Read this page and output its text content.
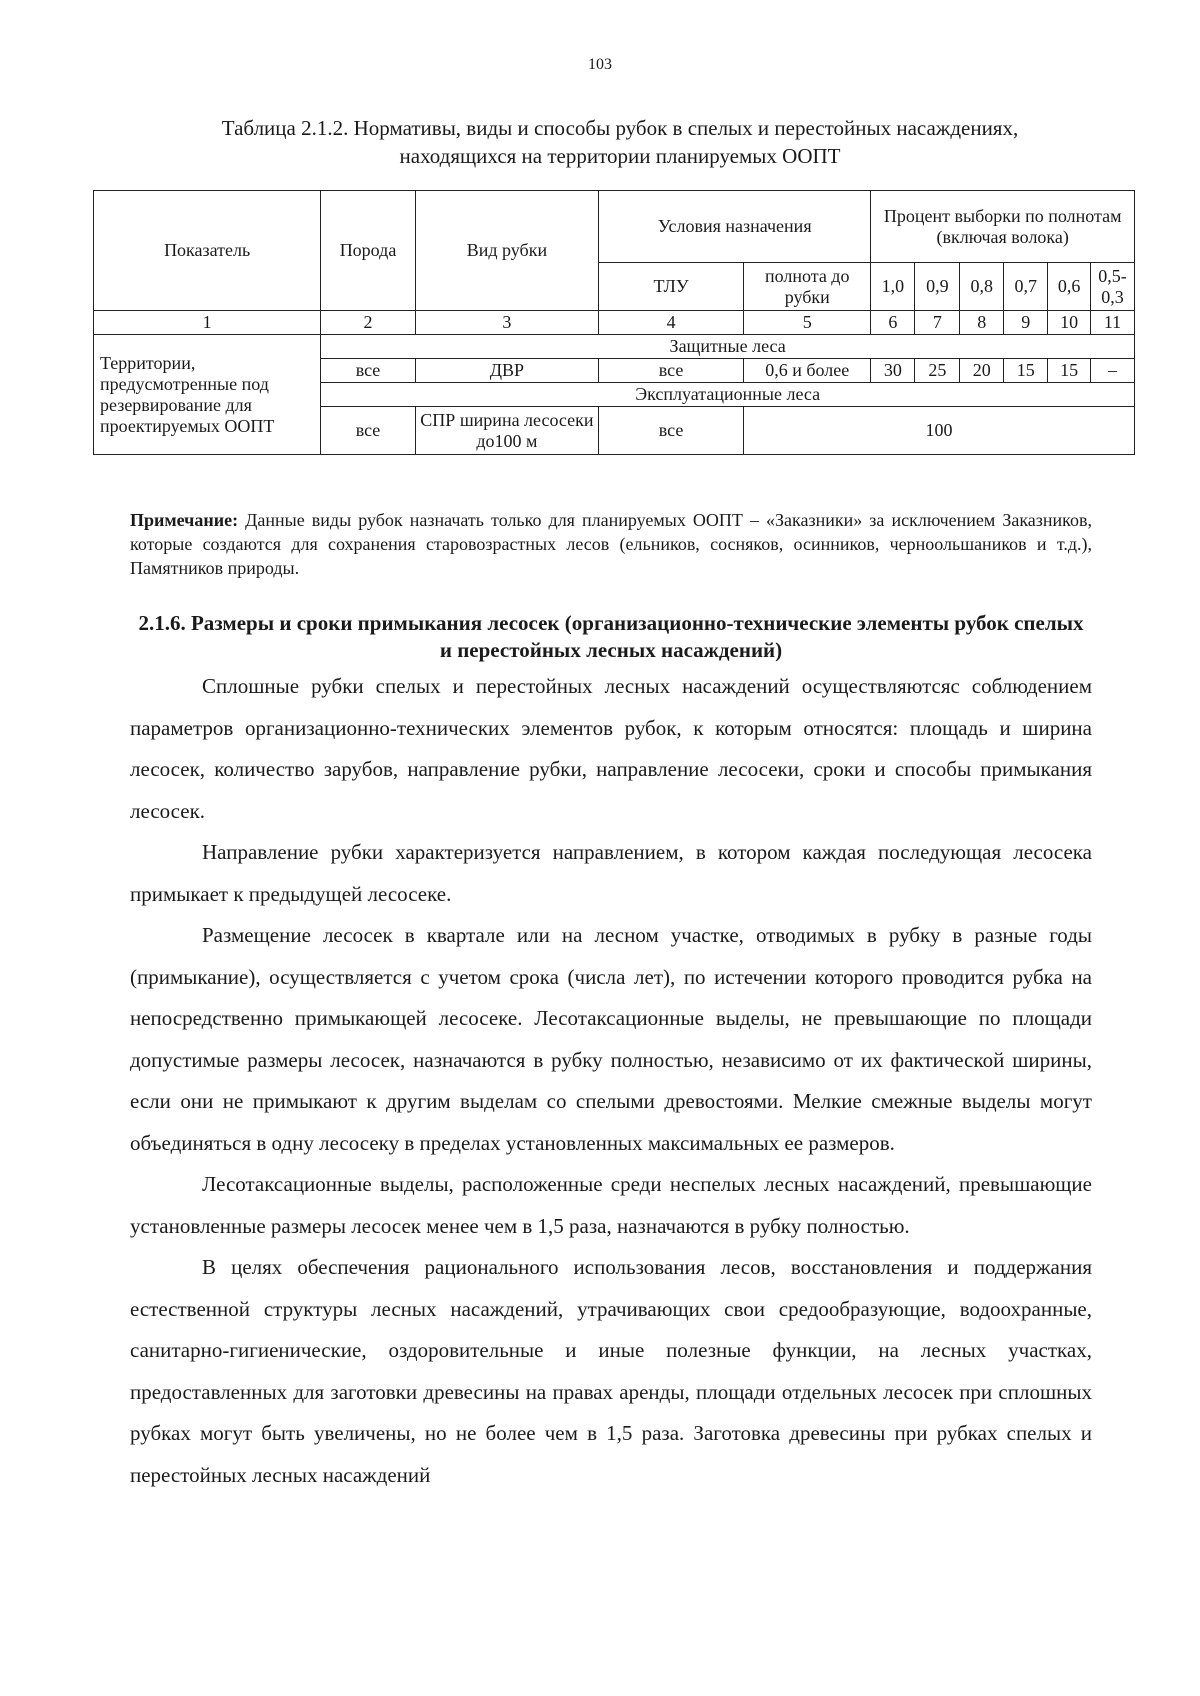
103
Таблица 2.1.2. Нормативы, виды и способы рубок в спелых и перестойных насаждениях,
находящихся на территории планируемых ООПТ
Показатель	Порода	Вид рубки	Условия назначения		Процент выборки по полнотам (включая волока)					
			ТЛУ	полнота до рубки	1,0	0,9	0,8	0,7	0,6	0,5-0,3
1	2	3	4	5	6	7	8	9	10	11
Территории, предусмотренные под резервирование для проектируемых ООПТ	Защитные леса									
	все	ДВР	все	0,6 и более	30	25	20	15	15	–
	Эксплуатационные леса									
	все	СПР ширина лесосеки до100 м	все	100						
Примечание: Данные виды рубок назначать только для планируемых ООПТ – «Заказники» за исключением Заказников, которые создаются для сохранения старовозрастных лесов (ельников, сосняков, осинников, черноольшаников и т.д.), Памятников природы.
2.1.6. Размеры и сроки примыкания лесосек (организационно-технические элементы рубок спелых и перестойных лесных насаждений)

Сплошные рубки спелых и перестойных лесных насаждений осуществляютсяс соблюдением параметров организационно-технических элементов рубок, к которым относятся: площадь и ширина лесосек, количество зарубов, направление рубки, направление лесосеки, сроки и способы примыкания лесосек.

Направление рубки характеризуется направлением, в котором каждая последующая лесосека примыкает к предыдущей лесосеке.

Размещение лесосек в квартале или на лесном участке, отводимых в рубку в разные годы (примыкание), осуществляется с учетом срока (числа лет), по истечении которого проводится рубка на непосредственно примыкающей лесосеке. Лесотаксационные выделы, не превышающие по площади допустимые размеры лесосек, назначаются в рубку полностью, независимо от их фактической ширины, если они не примыкают к другим выделам со спелыми древостоями. Мелкие смежные выделы могут объединяться в одну лесосеку в пределах установленных максимальных ее размеров.

Лесотаксационные выделы, расположенные среди неспелых лесных насаждений, превышающие установленные размеры лесосек менее чем в 1,5 раза, назначаются в рубку полностью.

В целях обеспечения рационального использования лесов, восстановления и поддержания естественной структуры лесных насаждений, утрачивающих свои средообразующие, водоохранные, санитарно-гигиенические, оздоровительные и иные полезные функции, на лесных участках, предоставленных для заготовки древесины на правах аренды, площади отдельных лесосек при сплошных рубках могут быть увеличены, но не более чем в 1,5 раза. Заготовка древесины при рубках спелых и перестойных лесных насаждений
